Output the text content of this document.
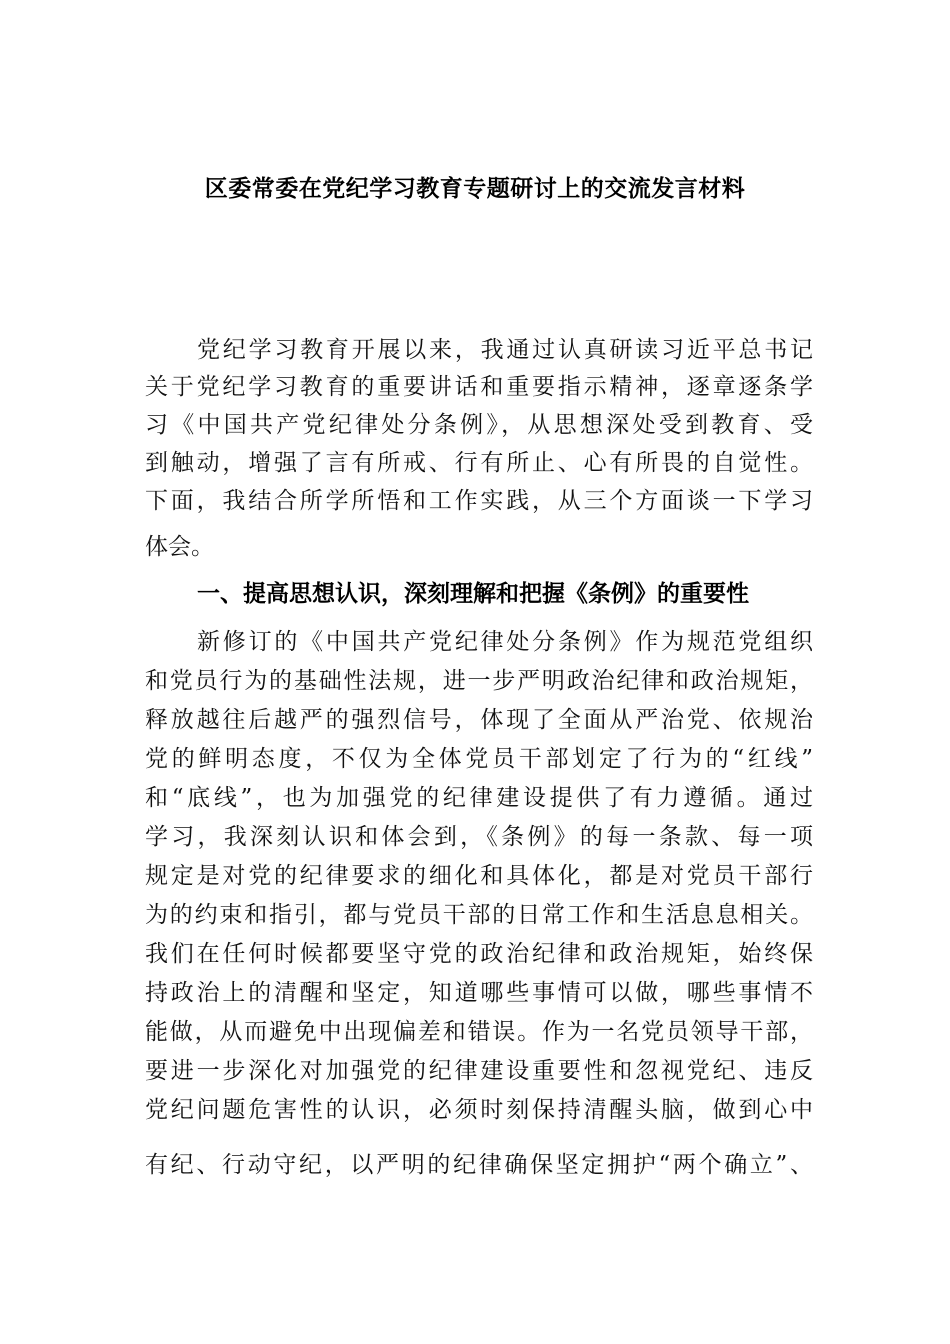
区委常委在党纪学习教育专题研讨上的交流发言材料
党纪学习教育开展以来，我通过认真研读习近平总书记
关于党纪学习教育的重要讲话和重要指示精神，逐章逐条学
习《中国共产党纪律处分条例》，从思想深处受到教育、受
到触动，增强了言有所戒、行有所止、心有所畏的自觉性。
下面，我结合所学所悟和工作实践，从三个方面谈一下学习
体会。
一、提高思想认识，深刻理解和把握《条例》的重要性
新修订的《中国共产党纪律处分条例》作为规范党组织
和党员行为的基础性法规，进一步严明政治纪律和政治规矩，
释放越往后越严的强烈信号，体现了全面从严治党、依规治
党的鲜明态度，不仅为全体党员干部划定了行为的“红线”
和“底线”，也为加强党的纪律建设提供了有力遵循。通过
学习，我深刻认识和体会到，《条例》的每一条款、每一项
规定是对党的纪律要求的细化和具体化，都是对党员干部行
为的约束和指引，都与党员干部的日常工作和生活息息相关。
我们在任何时候都要坚守党的政治纪律和政治规矩，始终保
持政治上的清醒和坚定，知道哪些事情可以做，哪些事情不
能做，从而避免中出现偏差和错误。作为一名党员领导干部，
要进一步深化对加强党的纪律建设重要性和忽视党纪、违反
党纪问题危害性的认识，必须时刻保持清醒头脑，做到心中
有纪、行动守纪，以严明的纪律确保坚定拥护“两个确立”、
